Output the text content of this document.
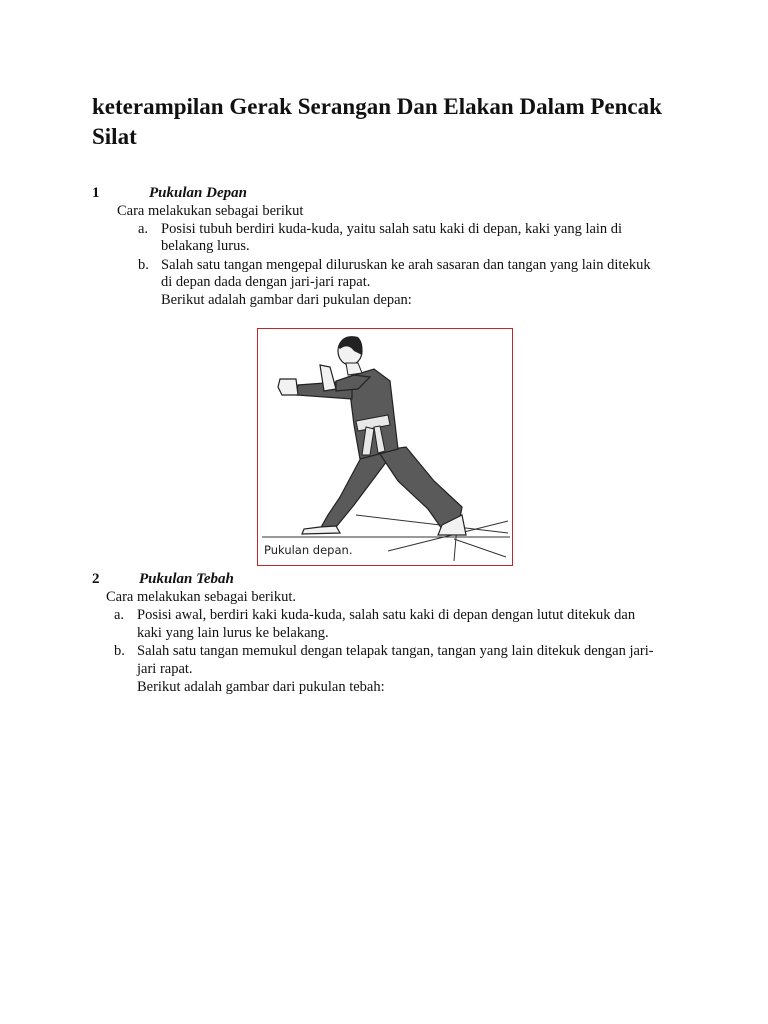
keterampilan Gerak Serangan Dan Elakan Dalam Pencak Silat
1	Pukulan Depan
Cara melakukan sebagai berikut
a. Posisi tubuh berdiri kuda-kuda, yaitu salah satu kaki di depan, kaki yang lain di
belakang lurus.
b. Salah satu tangan mengepal diluruskan ke arah sasaran dan tangan yang lain ditekuk
di depan dada dengan jari-jari rapat.
Berikut adalah gambar dari pukulan depan:
Pukulan depan.
2	Pukulan Tebah
Cara melakukan sebagai berikut.
a. Posisi awal, berdiri kaki kuda-kuda, salah satu kaki di depan dengan lutut ditekuk dan
kaki yang lain lurus ke belakang.
b. Salah satu tangan memukul dengan telapak tangan, tangan yang lain ditekuk dengan jari-
jari rapat.
Berikut adalah gambar dari pukulan tebah:
